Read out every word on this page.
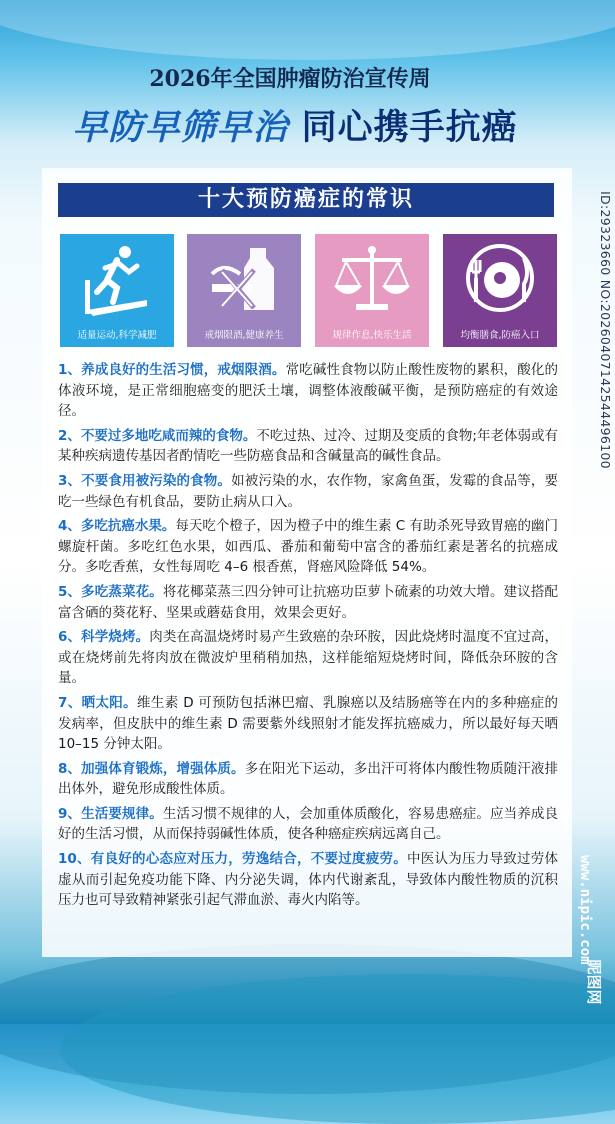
2026年全国肿瘤防治宣传周
早防早筛早治 同心携手抗癌
十大预防癌症的常识
适量运动,科学减肥	戒烟限酒,健康养生	规律作息,快乐生活	均衡膳食,防癌入口

1、养成良好的生活习惯，戒烟限酒。常吃碱性食物以防止酸性废物的累积，酸化的体液环境，是正常细胞癌变的肥沃土壤，调整体液酸碱平衡，是预防癌症的有效途径。

2、不要过多地吃咸而辣的食物。不吃过热、过冷、过期及变质的食物;年老体弱或有某种疾病遗传基因者酌情吃一些防癌食品和含碱量高的碱性食品。

3、不要食用被污染的食物。如被污染的水，农作物，家禽鱼蛋，发霉的食品等，要吃一些绿色有机食品，要防止病从口入。

4、多吃抗癌水果。每天吃个橙子，因为橙子中的维生素 C 有助杀死导致胃癌的幽门螺旋杆菌。多吃红色水果，如西瓜、番茄和葡萄中富含的番茄红素是著名的抗癌成分。多吃香蕉，女性每周吃 4–6 根香蕉，肾癌风险降低 54%。

5、多吃蒸菜花。将花椰菜蒸三四分钟可让抗癌功臣萝卜硫素的功效大增。建议搭配富含硒的葵花籽、坚果或蘑菇食用，效果会更好。

6、科学烧烤。肉类在高温烧烤时易产生致癌的杂环胺，因此烧烤时温度不宜过高，或在烧烤前先将肉放在微波炉里稍稍加热，这样能缩短烧烤时间，降低杂环胺的含量。

7、晒太阳。维生素 D 可预防包括淋巴瘤、乳腺癌以及结肠癌等在内的多种癌症的发病率，但皮肤中的维生素 D 需要紫外线照射才能发挥抗癌威力，所以最好每天晒 10–15 分钟太阳。

8、加强体育锻炼，增强体质。多在阳光下运动，多出汗可将体内酸性物质随汗液排出体外，避免形成酸性体质。

9、生活要规律。生活习惯不规律的人，会加重体质酸化，容易患癌症。应当养成良好的生活习惯，从而保持弱碱性体质，使各种癌症疾病远离自己。

10、有良好的心态应对压力，劳逸结合，不要过度疲劳。中医认为压力导致过劳体虚从而引起免疫功能下降、内分泌失调，体内代谢紊乱，导致体内酸性物质的沉积 压力也可导致精神紧张引起气滞血淤、毒火内陷等。

ID:29323660 NO:20260407142544496100
www.nipic.com
昵图网
